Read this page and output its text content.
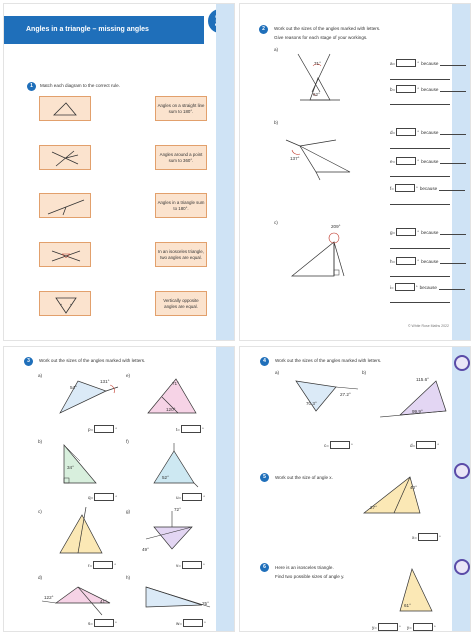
Angles in a triangle – missing angles
1	Match each diagram to the correct rule.
Angles on a straight line sum to 180°.
Angles around a point sum to 360°.
Angles in a triangle sum to 180°.
In an isosceles triangle, two angles are equal.
Vertically opposite angles are equal.
2	Work out the sizes of the angles marked with letters.
Give reasons for each stage of your workings.
a)
71°
62°
a =	° because
b =	° because
b)
137°
d =	° because
e =	° because
f =	° because
c)
209°
g =	° because
h =	° because
i =	° because
© White Rose Maths 2022
3	Work out the sizes of the angles marked with letters.
a)
54°
131°
p =	°
e)
71°
120°
t =	°
b)
34°
q =	°
f)
52°
u =	°
c)
r =	°
g)	72°
49°
v =	°
d)
122°
41°
s =	°
h)
25°
w =	°
4	Work out the sizes of the angles marked with letters.
a)
70.3°
27.2°
c =	°
b)
115.6°
99.9°
d =	°
5	Work out the size of angle x.
40°
27°
x =	°
6	Here is an isosceles triangle.
Find two possible sizes of angle y.
61°
y =	° y =	°
